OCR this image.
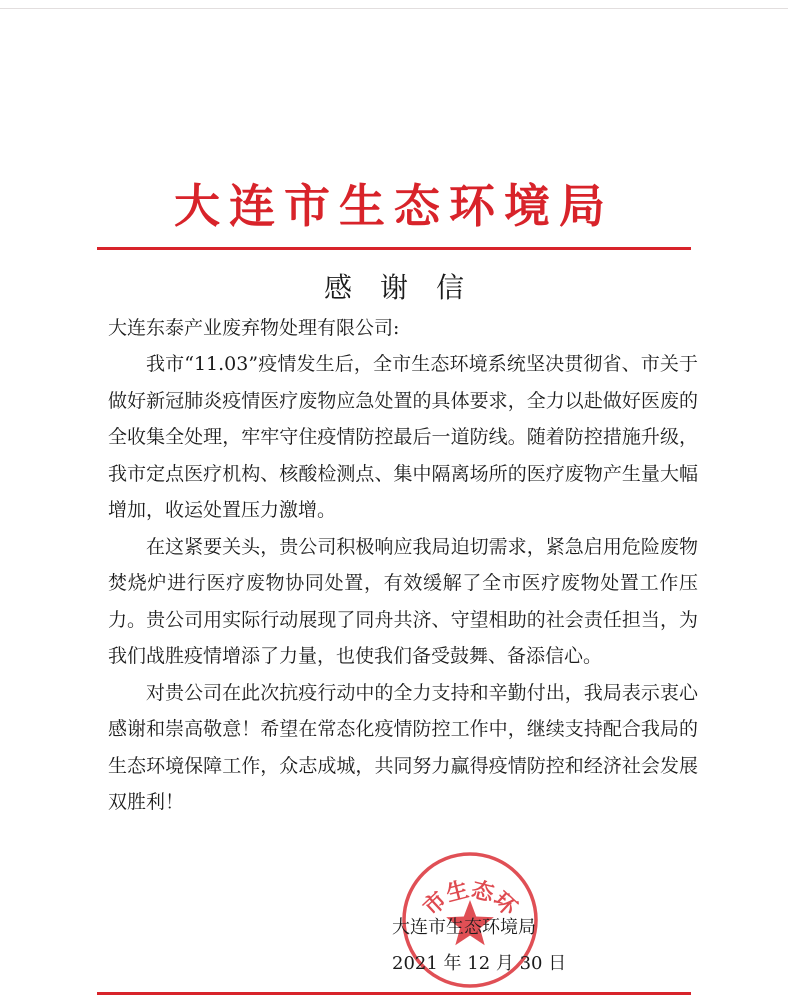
大连市生态环境局
感谢信

大连东泰产业废弃物处理有限公司:

我市“11.03”疫情发生后，全市生态环境系统坚决贯彻省、市关于做好新冠肺炎疫情医疗废物应急处置的具体要求，全力以赴做好医废的全收集全处理，牢牢守住疫情防控最后一道防线。随着防控措施升级，我市定点医疗机构、核酸检测点、集中隔离场所的医疗废物产生量大幅增加，收运处置压力激增。

在这紧要关头，贵公司积极响应我局迫切需求，紧急启用危险废物焚烧炉进行医疗废物协同处置，有效缓解了全市医疗废物处置工作压力。贵公司用实际行动展现了同舟共济、守望相助的社会责任担当，为我们战胜疫情增添了力量，也使我们备受鼓舞、备添信心。

对贵公司在此次抗疫行动中的全力支持和辛勤付出，我局表示衷心感谢和崇高敬意！希望在常态化疫情防控工作中，继续支持配合我局的生态环境保障工作，众志成城，共同努力赢得疫情防控和经济社会发展双胜利！

市生态环
大连市生态环境局
2021 年 12 月 30 日
